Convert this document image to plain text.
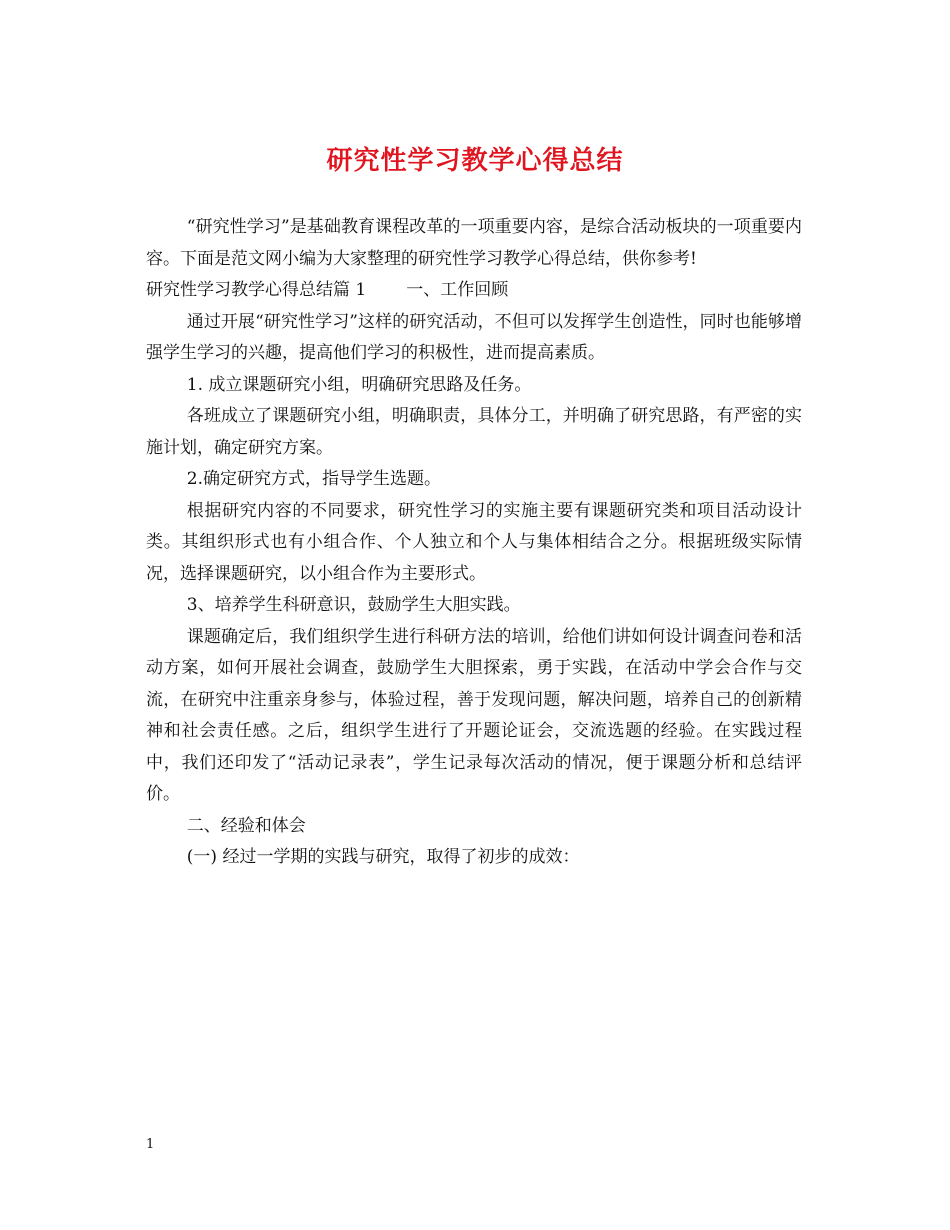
研究性学习教学心得总结

“研究性学习”是基础教育课程改革的一项重要内容，是综合活动板块的一项重要内容。下面是范文网小编为大家整理的研究性学习教学心得总结，供你参考!

研究性学习教学心得总结篇 1 一、工作回顾

通过开展“研究性学习”这样的研究活动，不但可以发挥学生创造性，同时也能够增强学生学习的兴趣，提高他们学习的积极性，进而提高素质。

1. 成立课题研究小组，明确研究思路及任务。

各班成立了课题研究小组，明确职责，具体分工，并明确了研究思路，有严密的实施计划，确定研究方案。

2.确定研究方式，指导学生选题。

根据研究内容的不同要求，研究性学习的实施主要有课题研究类和项目活动设计类。其组织形式也有小组合作、个人独立和个人与集体相结合之分。根据班级实际情况，选择课题研究，以小组合作为主要形式。

3、培养学生科研意识，鼓励学生大胆实践。

课题确定后，我们组织学生进行科研方法的培训，给他们讲如何设计调查问卷和活动方案，如何开展社会调查，鼓励学生大胆探索，勇于实践，在活动中学会合作与交流，在研究中注重亲身参与，体验过程，善于发现问题，解决问题，培养自己的创新精神和社会责任感。之后，组织学生进行了开题论证会，交流选题的经验。在实践过程中，我们还印发了“活动记录表”，学生记录每次活动的情况，便于课题分析和总结评价。

二、经验和体会

(一) 经过一学期的实践与研究，取得了初步的成效：

1
